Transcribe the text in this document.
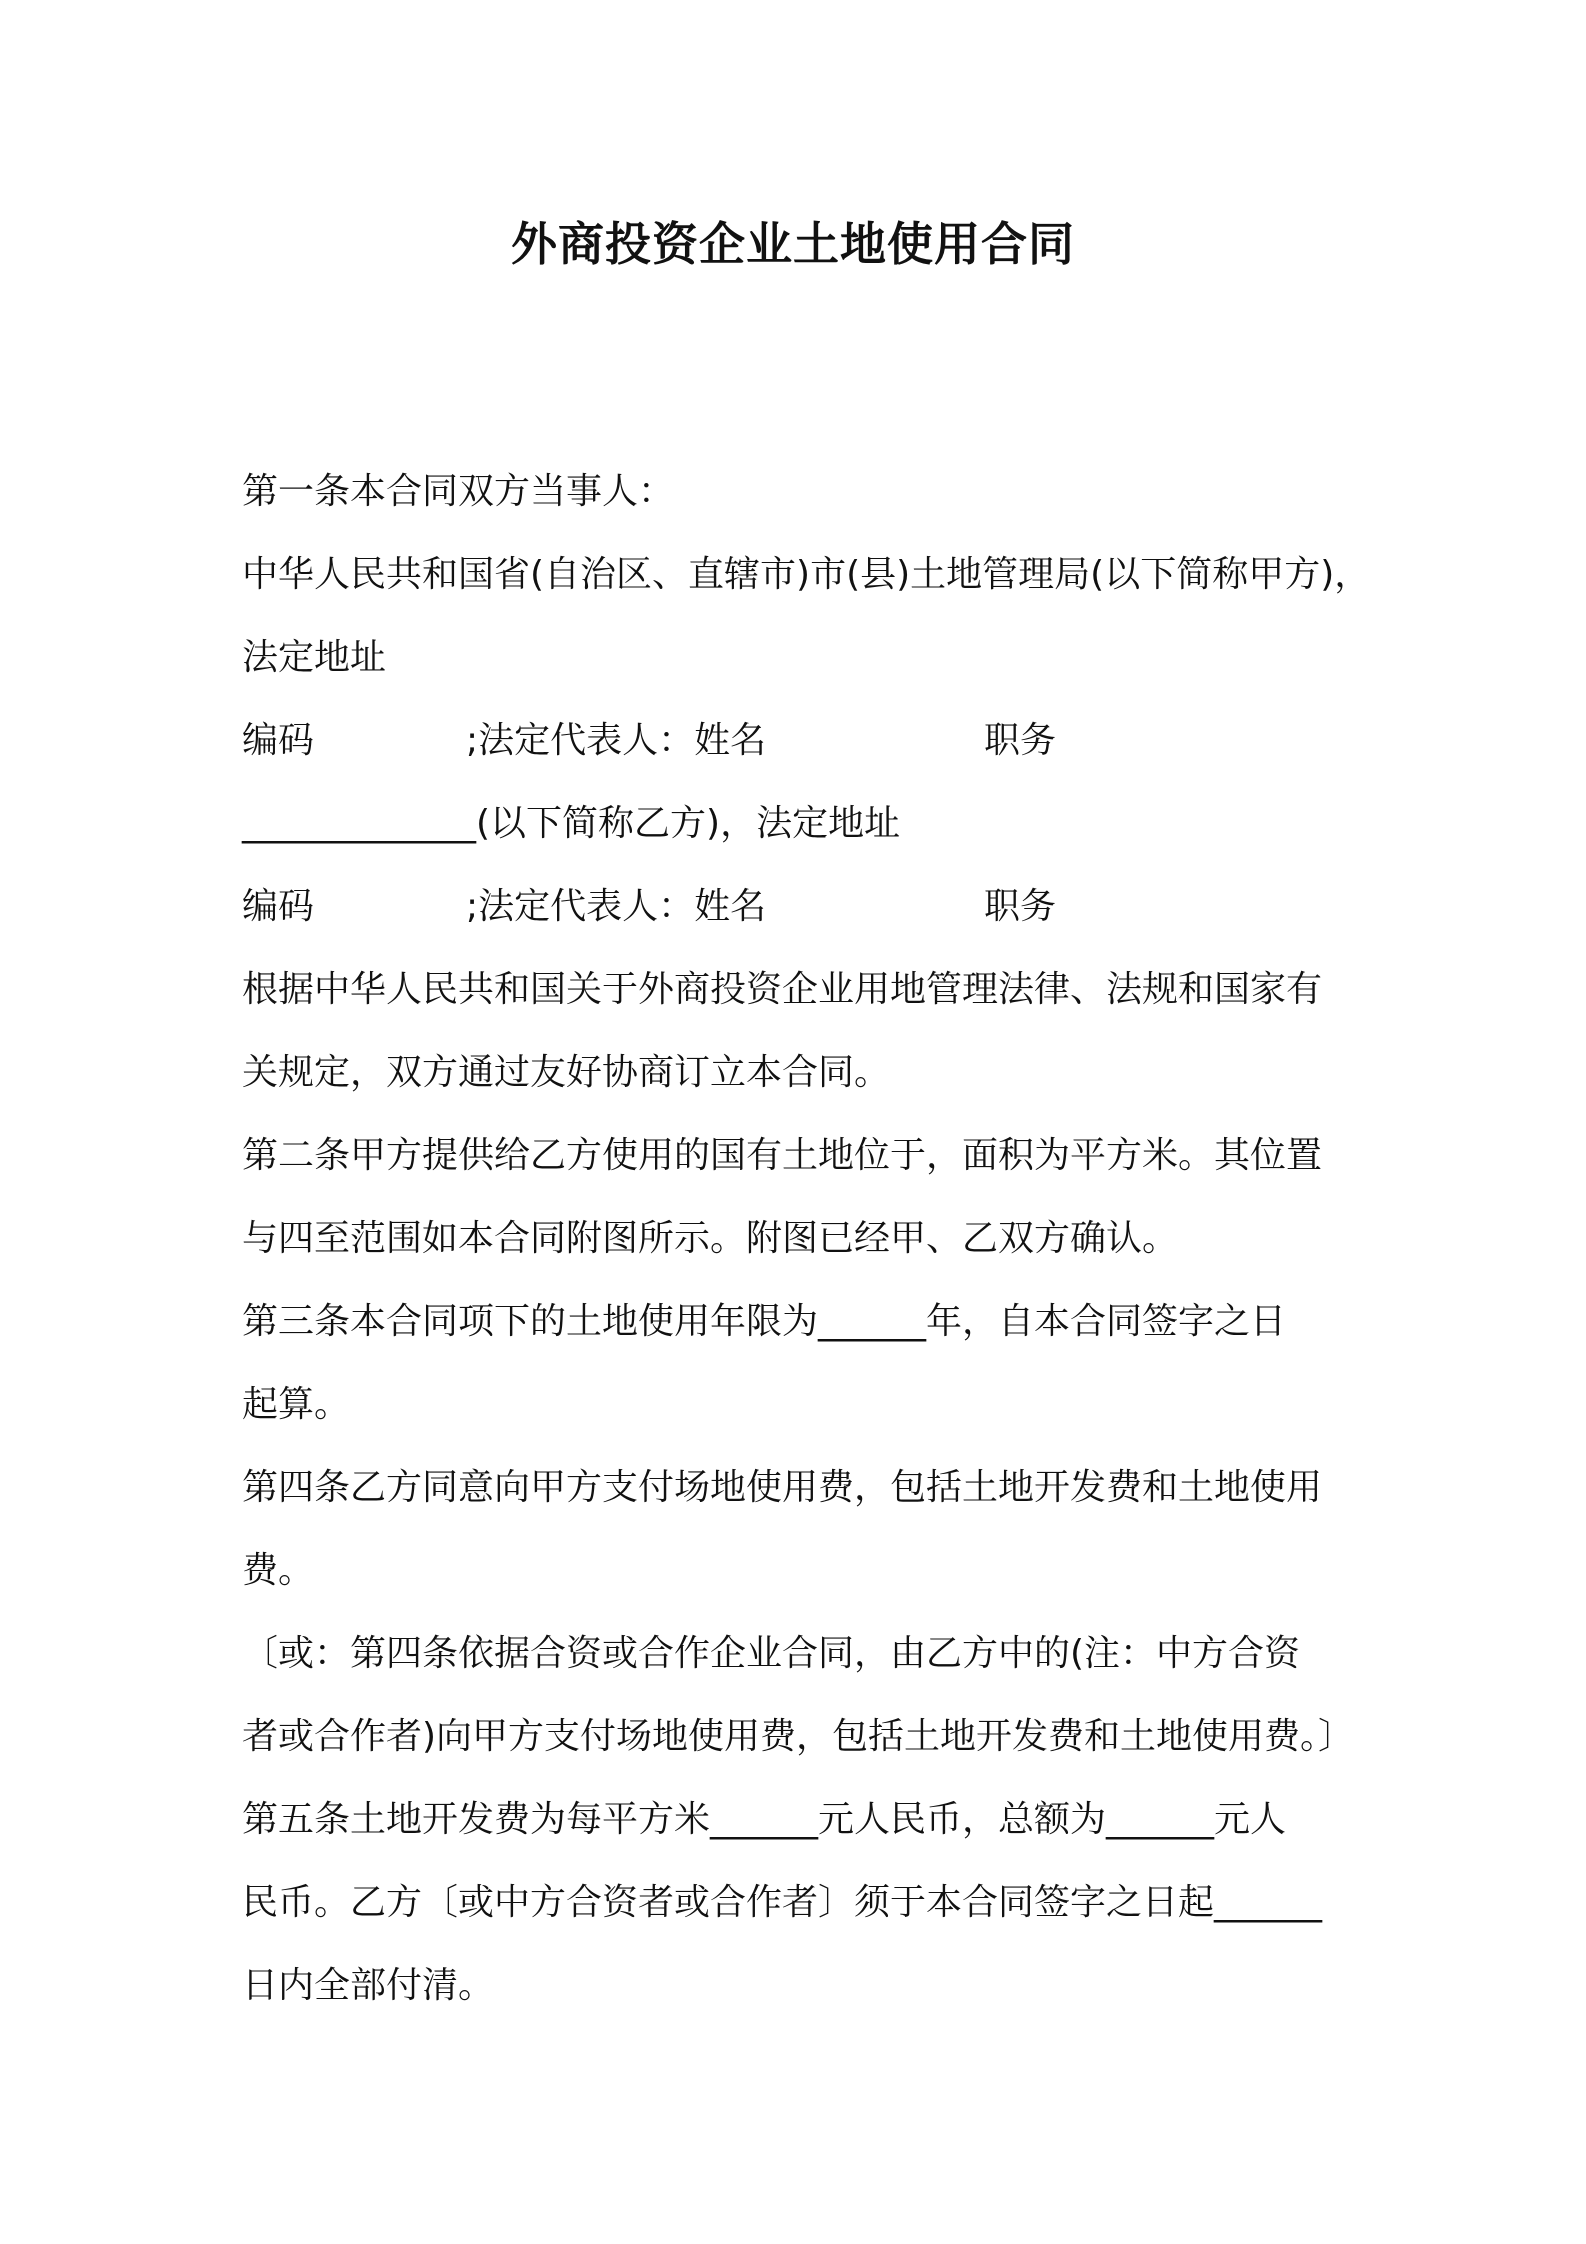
外商投资企业土地使用合同
第一条本合同双方当事人：
中华人民共和国省(自治区、直辖市)市(县)土地管理局(以下简称甲方)，
法定地址
编码	;法定代表人：姓名	职务
_____________(以下简称乙方)，法定地址
编码	;法定代表人：姓名	职务
根据中华人民共和国关于外商投资企业用地管理法律、法规和国家有
关规定，双方通过友好协商订立本合同。
第二条甲方提供给乙方使用的国有土地位于，面积为平方米。其位置
与四至范围如本合同附图所示。附图已经甲、乙双方确认。
第三条本合同项下的土地使用年限为______年，自本合同签字之日
起算。
第四条乙方同意向甲方支付场地使用费，包括土地开发费和土地使用
费。
〔或：第四条依据合资或合作企业合同，由乙方中的(注：中方合资
者或合作者)向甲方支付场地使用费，包括土地开发费和土地使用费。〕
第五条土地开发费为每平方米______元人民币，总额为______元人
民币。乙方〔或中方合资者或合作者〕须于本合同签字之日起______
日内全部付清。
